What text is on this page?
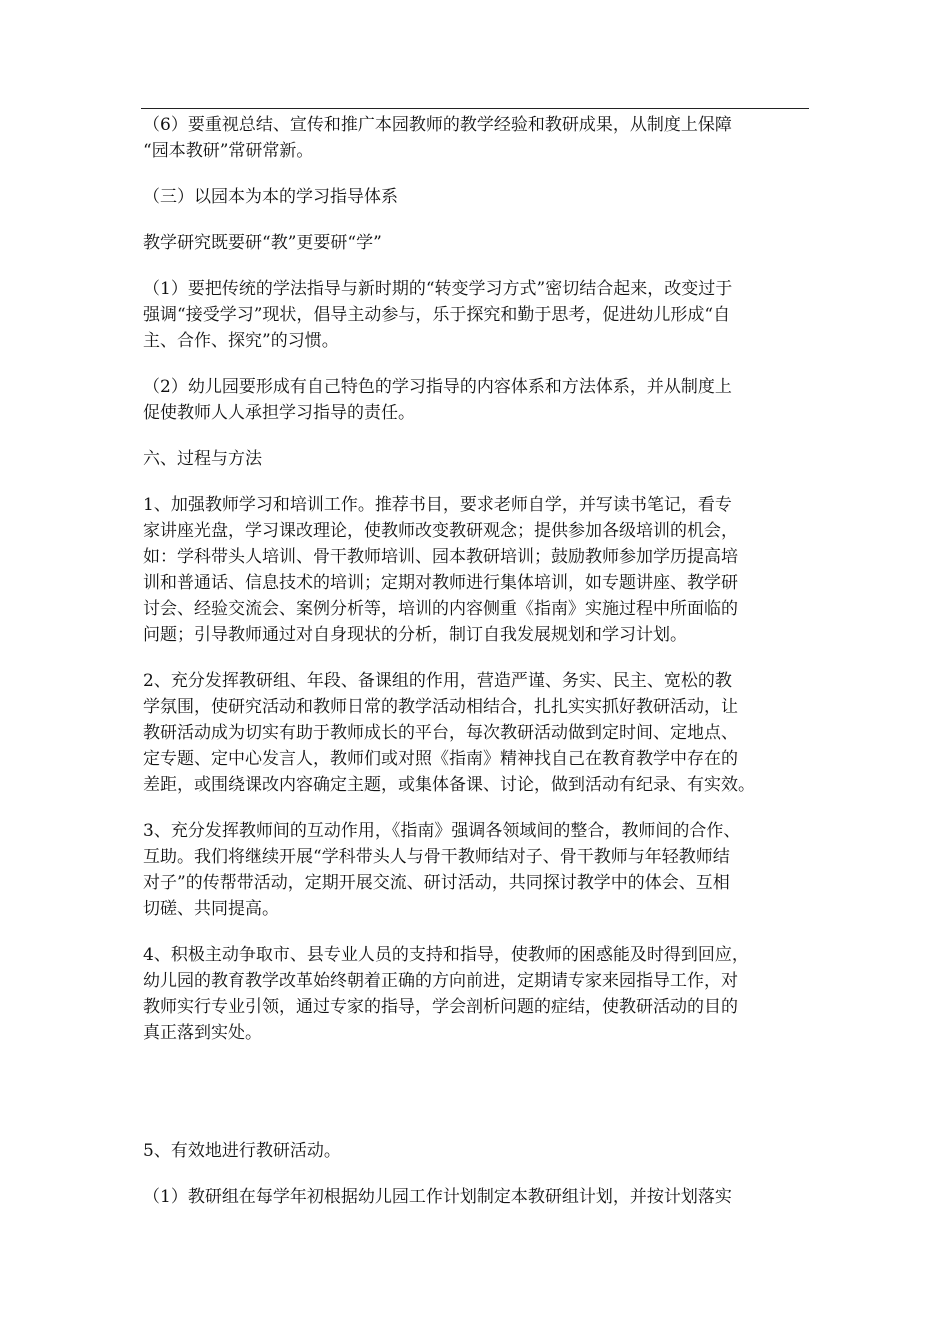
（6）要重视总结、宣传和推广本园教师的教学经验和教研成果，从制度上保障
“园本教研”常研常新。

（三）以园本为本的学习指导体系

教学研究既要研“教”更要研“学”

（1）要把传统的学法指导与新时期的“转变学习方式”密切结合起来，改变过于
强调“接受学习”现状，倡导主动参与，乐于探究和勤于思考，促进幼儿形成“自
主、合作、探究”的习惯。

（2）幼儿园要形成有自己特色的学习指导的内容体系和方法体系，并从制度上
促使教师人人承担学习指导的责任。

六、过程与方法

1、加强教师学习和培训工作。推荐书目，要求老师自学，并写读书笔记，看专
家讲座光盘，学习课改理论，使教师改变教研观念；提供参加各级培训的机会，
如：学科带头人培训、骨干教师培训、园本教研培训；鼓励教师参加学历提高培
训和普通话、信息技术的培训；定期对教师进行集体培训，如专题讲座、教学研
讨会、经验交流会、案例分析等，培训的内容侧重《指南》实施过程中所面临的
问题；引导教师通过对自身现状的分析，制订自我发展规划和学习计划。

2、充分发挥教研组、年段、备课组的作用，营造严谨、务实、民主、宽松的教
学氛围，使研究活动和教师日常的教学活动相结合，扎扎实实抓好教研活动，让
教研活动成为切实有助于教师成长的平台，每次教研活动做到定时间、定地点、
定专题、定中心发言人，教师们或对照《指南》精神找自己在教育教学中存在的
差距，或围绕课改内容确定主题，或集体备课、讨论，做到活动有纪录、有实效。

3、充分发挥教师间的互动作用，《指南》强调各领域间的整合，教师间的合作、
互助。我们将继续开展“学科带头人与骨干教师结对子、骨干教师与年轻教师结
对子”的传帮带活动，定期开展交流、研讨活动，共同探讨教学中的体会、互相
切磋、共同提高。

4、积极主动争取市、县专业人员的支持和指导，使教师的困惑能及时得到回应，
幼儿园的教育教学改革始终朝着正确的方向前进，定期请专家来园指导工作，对
教师实行专业引领，通过专家的指导，学会剖析问题的症结，使教研活动的目的
真正落到实处。

5、有效地进行教研活动。

（1）教研组在每学年初根据幼儿园工作计划制定本教研组计划，并按计划落实
